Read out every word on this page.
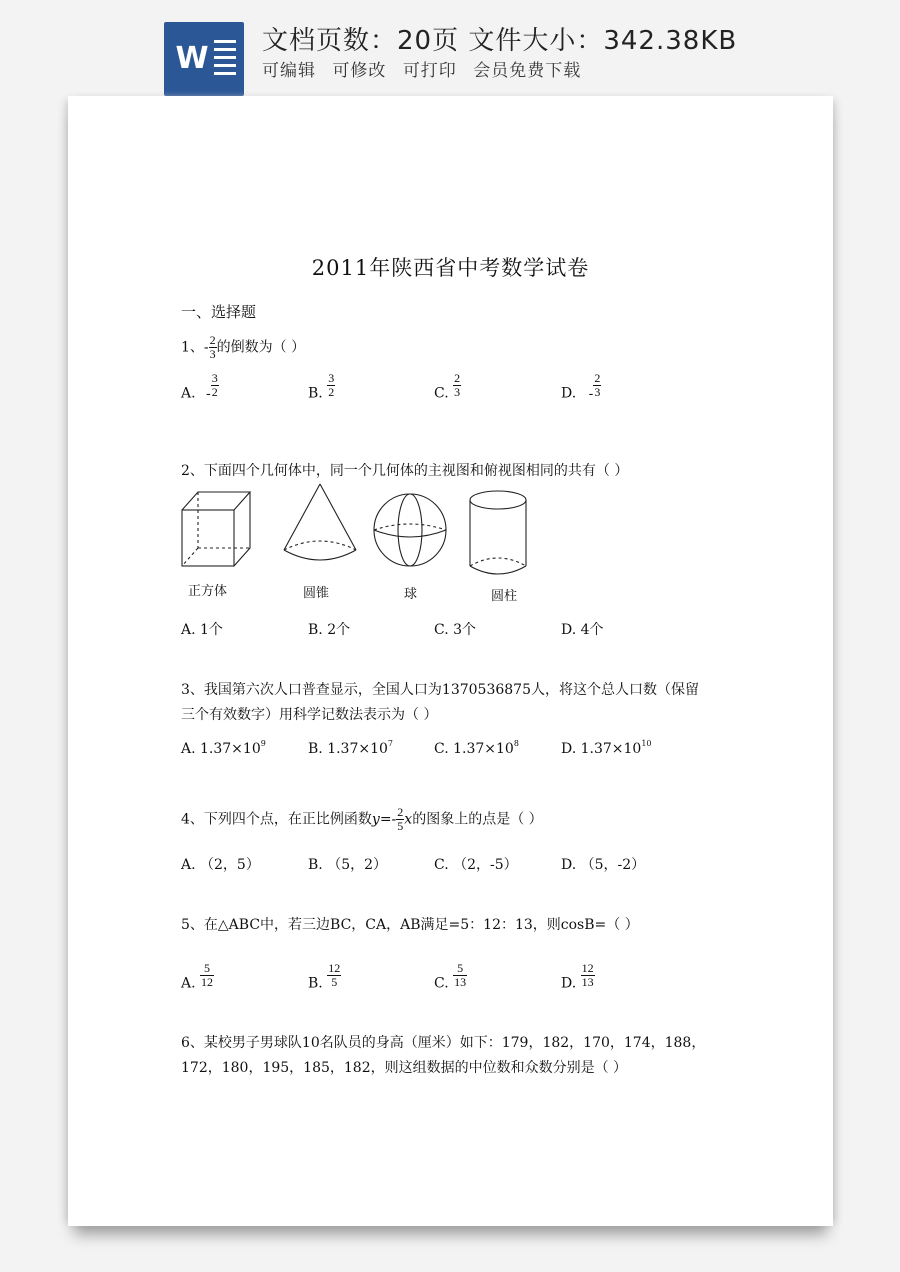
W 文档页数：20页 文件大小：342.38KB
可编辑 可修改 可打印 会员免费下载
2011年陕西省中考数学试卷
一、选择题
1、- $\frac{2}{3}$ 的倒数为（ ）
A. - $\frac{3}{2}$	B. $\frac{3}{2}$	C. $\frac{2}{3}$	D. - $\frac{2}{3}$
2、下面四个几何体中，同一个几何体的主视图和俯视图相同的共有（ ）
正方体	圆锥	球	圆柱
A. 1个	B. 2个	C. 3个	D. 4个
3、我国第六次人口普查显示，全国人口为1370536875人，将这个总人口数（保留
三个有效数字）用科学记数法表示为（ ）
A. $1.37\times 10^9$	B. $1.37\times 10^7$	C. $1.37\times 10^8$	D. $1.37\times 10^{10}$
4、下列四个点，在正比例函数$y=- \frac{2}{5}$ x的图象上的点是（ ）
A. （2，5）	B. （5，2）	C. （2，-5）	D. （5，-2）
5、在△ABC中，若三边BC，CA，AB满足=5：12：13，则cosB=（ ）
A. $\frac{5}{12}$	B. $\frac{12}{5}$	C. $\frac{5}{13}$	D. $\frac{12}{13}$
6、某校男子男球队10名队员的身高（厘米）如下：179，182，170，174，188，
172，180，195，185，182，则这组数据的中位数和众数分别是（ ）
